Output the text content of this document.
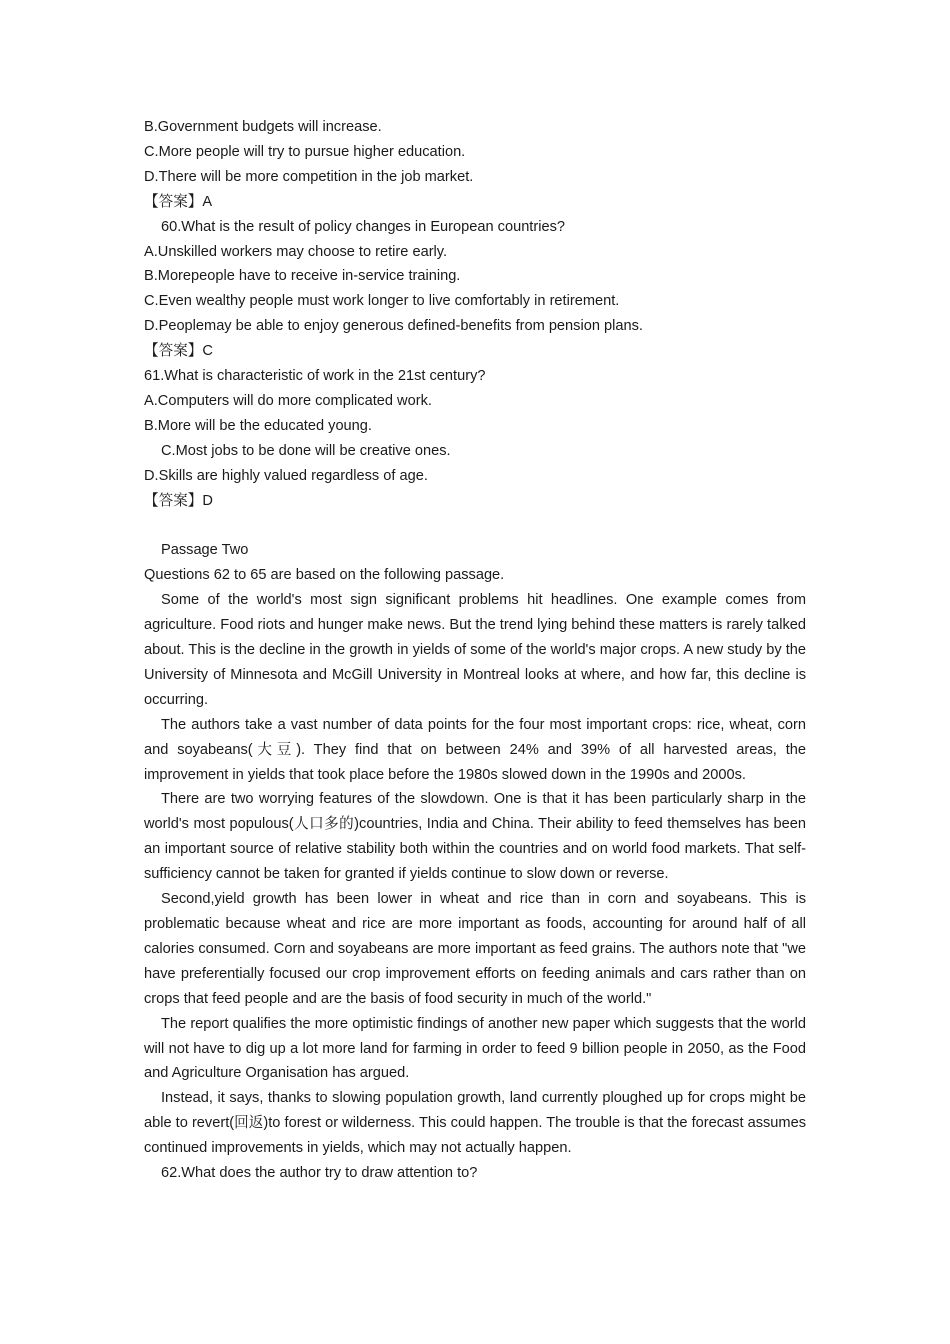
B.Government budgets will increase.

C.More people will try to pursue higher education.

D.There will be more competition in the job market.

【答案】A

60.What is the result of policy changes in European countries?

A.Unskilled workers may choose to retire early.

B.Morepeople have to receive in-service training.

C.Even wealthy people must work longer to live comfortably in retirement.

D.Peoplemay be able to enjoy generous defined-benefits from pension plans.

【答案】C

61.What is characteristic of work in the 21st century?

A.Computers will do more complicated work.

B.More will be the educated young.

C.Most jobs to be done will be creative ones.

D.Skills are highly valued regardless of age.

【答案】D

Passage Two

Questions 62 to 65 are based on the following passage.

Some of the world's most sign significant problems hit headlines. One example comes from agriculture. Food riots and hunger make news. But the trend lying behind these matters is rarely talked about. This is the decline in the growth in yields of some of the world's major crops. A new study by the University of Minnesota and McGill University in Montreal looks at where, and how far, this decline is occurring.

The authors take a vast number of data points for the four most important crops: rice, wheat, corn and soyabeans(大豆). They find that on between 24% and 39% of all harvested areas, the improvement in yields that took place before the 1980s slowed down in the 1990s and 2000s.

There are two worrying features of the slowdown. One is that it has been particularly sharp in the world's most populous(人口多的)countries, India and China. Their ability to feed themselves has been an important source of relative stability both within the countries and on world food markets. That self-sufficiency cannot be taken for granted if yields continue to slow down or reverse.

Second,yield growth has been lower in wheat and rice than in corn and soyabeans. This is problematic because wheat and rice are more important as foods, accounting for around half of all calories consumed. Corn and soyabeans are more important as feed grains. The authors note that "we have preferentially focused our crop improvement efforts on feeding animals and cars rather than on crops that feed people and are the basis of food security in much of the world."

The report qualifies the more optimistic findings of another new paper which suggests that the world will not have to dig up a lot more land for farming in order to feed 9 billion people in 2050, as the Food and Agriculture Organisation has argued.

Instead, it says, thanks to slowing population growth, land currently ploughed up for crops might be able to revert(回返)to forest or wilderness. This could happen. The trouble is that the forecast assumes continued improvements in yields, which may not actually happen.

62.What does the author try to draw attention to?
